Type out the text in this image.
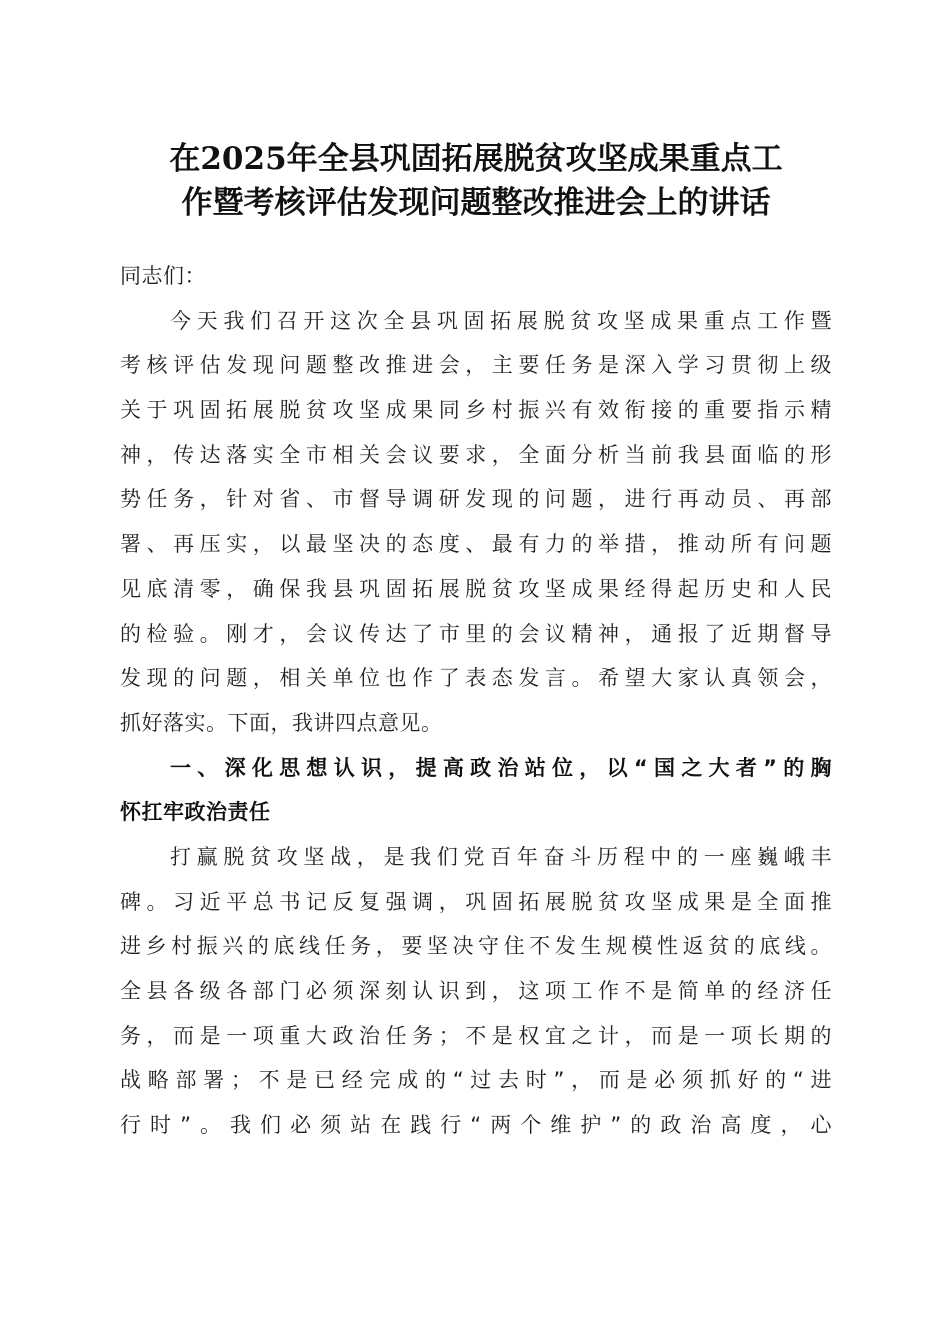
在2025年全县巩固拓展脱贫攻坚成果重点工
作暨考核评估发现问题整改推进会上的讲话
同志们：
今天我们召开这次全县巩固拓展脱贫攻坚成果重点工作暨
考核评估发现问题整改推进会，主要任务是深入学习贯彻上级
关于巩固拓展脱贫攻坚成果同乡村振兴有效衔接的重要指示精
神，传达落实全市相关会议要求，全面分析当前我县面临的形
势任务，针对省、市督导调研发现的问题，进行再动员、再部
署、再压实，以最坚决的态度、最有力的举措，推动所有问题
见底清零，确保我县巩固拓展脱贫攻坚成果经得起历史和人民
的检验。刚才，会议传达了市里的会议精神，通报了近期督导
发现的问题，相关单位也作了表态发言。希望大家认真领会，
抓好落实。下面，我讲四点意见。
一、深化思想认识，提高政治站位，以“国之大者”的胸
怀扛牢政治责任
打赢脱贫攻坚战，是我们党百年奋斗历程中的一座巍峨丰
碑。习近平总书记反复强调，巩固拓展脱贫攻坚成果是全面推
进乡村振兴的底线任务，要坚决守住不发生规模性返贫的底线。
全县各级各部门必须深刻认识到，这项工作不是简单的经济任
务，而是一项重大政治任务；不是权宜之计，而是一项长期的
战略部署；不是已经完成的“过去时”，而是必须抓好的“进
行时”。我们必须站在践行“两个维护”的政治高度，心
